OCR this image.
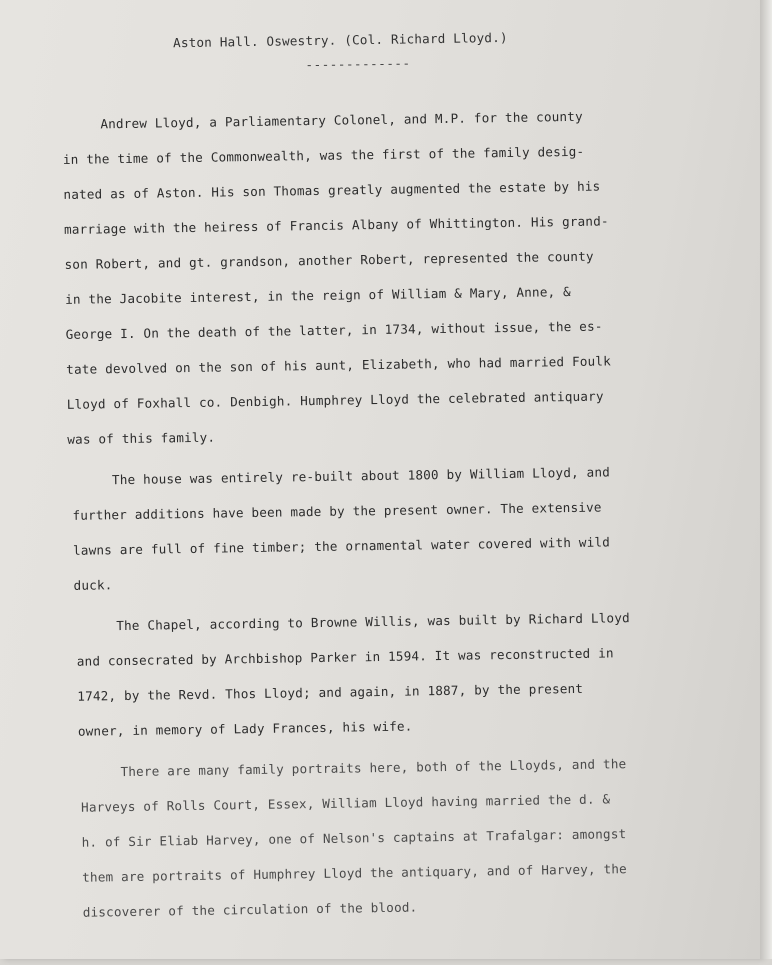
Aston Hall. Oswestry. (Col. Richard Lloyd.)
-------------
Andrew Lloyd, a Parliamentary Colonel, and M.P. for the county
in the time of the Commonwealth, was the first of the family desig-
nated as of Aston. His son Thomas greatly augmented the estate by his
marriage with the heiress of Francis Albany of Whittington. His grand-
son Robert, and gt. grandson, another Robert, represented the county
in the Jacobite interest, in the reign of William & Mary, Anne, &
George I. On the death of the latter, in 1734, without issue, the es-
tate devolved on the son of his aunt, Elizabeth, who had married Foulk
Lloyd of Foxhall co. Denbigh. Humphrey Lloyd the celebrated antiquary
was of this family.
The house was entirely re-built about 1800 by William Lloyd, and
further additions have been made by the present owner. The extensive
lawns are full of fine timber; the ornamental water covered with wild
duck.
The Chapel, according to Browne Willis, was built by Richard Lloyd
and consecrated by Archbishop Parker in 1594. It was reconstructed in
1742, by the Revd. Thos Lloyd; and again, in 1887, by the present
owner, in memory of Lady Frances, his wife.
There are many family portraits here, both of the Lloyds, and the
Harveys of Rolls Court, Essex, William Lloyd having married the d. &
h. of Sir Eliab Harvey, one of Nelson's captains at Trafalgar: amongst
them are portraits of Humphrey Lloyd the antiquary, and of Harvey, the
discoverer of the circulation of the blood.
